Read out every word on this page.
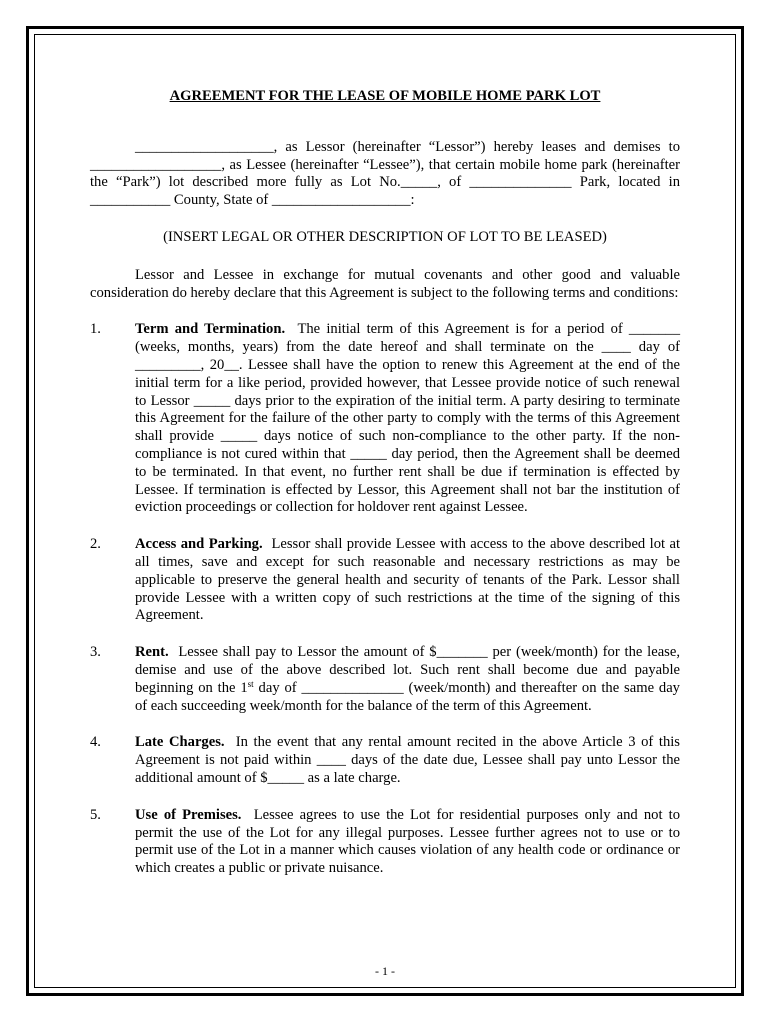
AGREEMENT FOR THE LEASE OF MOBILE HOME PARK LOT

___________________, as Lessor (hereinafter “Lessor”) hereby leases and demises to __________________, as Lessee (hereinafter “Lessee”), that certain mobile home park (hereinafter the “Park”) lot described more fully as Lot No._____, of ______________ Park, located in ___________ County, State of ___________________:

(INSERT LEGAL OR OTHER DESCRIPTION OF LOT TO BE LEASED)

Lessor and Lessee in exchange for mutual covenants and other good and valuable consideration do hereby declare that this Agreement is subject to the following terms and conditions:

1. Term and Termination.  The initial term of this Agreement is for a period of _______ (weeks, months, years) from the date hereof and shall terminate on the ____ day of _________, 20__. Lessee shall have the option to renew this Agreement at the end of the initial term for a like period, provided however, that Lessee provide notice of such renewal to Lessor _____ days prior to the expiration of the initial term. A party desiring to terminate this Agreement for the failure of the other party to comply with the terms of this Agreement shall provide _____ days notice of such non-compliance to the other party. If the non-compliance is not cured within that _____ day period, then the Agreement shall be deemed to be terminated. In that event, no further rent shall be due if termination is effected by Lessee. If termination is effected by Lessor, this Agreement shall not bar the institution of eviction proceedings or collection for holdover rent against Lessee.
2. Access and Parking.  Lessor shall provide Lessee with access to the above described lot at all times, save and except for such reasonable and necessary restrictions as may be applicable to preserve the general health and security of tenants of the Park. Lessor shall provide Lessee with a written copy of such restrictions at the time of the signing of this Agreement.
3. Rent.  Lessee shall pay to Lessor the amount of $_______ per (week/month) for the lease, demise and use of the above described lot. Such rent shall become due and payable beginning on the 1st day of ______________ (week/month) and thereafter on the same day of each succeeding week/month for the balance of the term of this Agreement.
4. Late Charges.  In the event that any rental amount recited in the above Article 3 of this Agreement is not paid within ____ days of the date due, Lessee shall pay unto Lessor the additional amount of $_____ as a late charge.
5. Use of Premises.  Lessee agrees to use the Lot for residential purposes only and not to permit the use of the Lot for any illegal purposes. Lessee further agrees not to use or to permit use of the Lot in a manner which causes violation of any health code or ordinance or which creates a public or private nuisance.
- 1 -
